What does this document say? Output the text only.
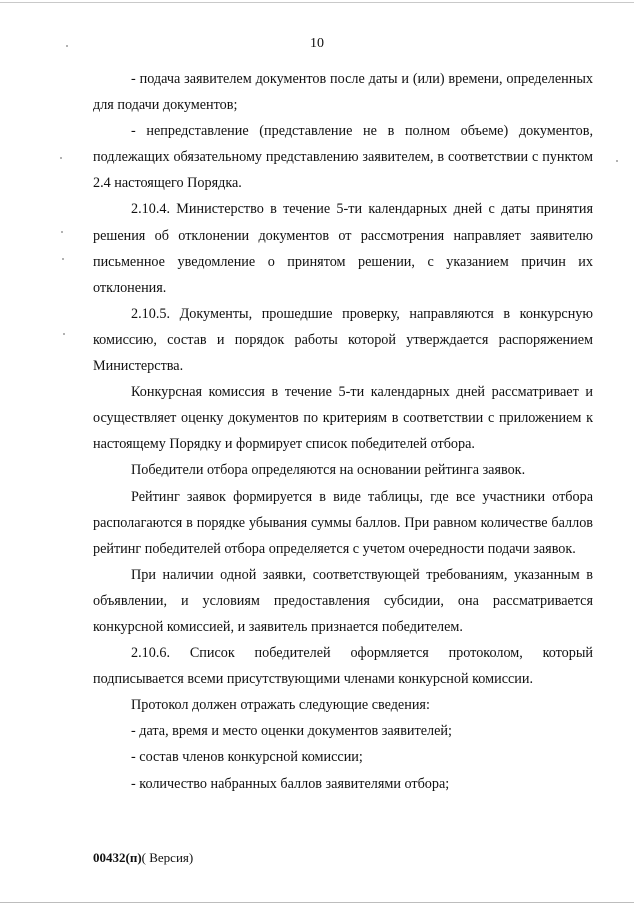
10

- подача заявителем документов после даты и (или) времени, определенных для подачи документов;

- непредставление (представление не в полном объеме) документов, подлежащих обязательному представлению заявителем, в соответствии с пунктом 2.4 настоящего Порядка.

2.10.4. Министерство в течение 5-ти календарных дней с даты принятия решения об отклонении документов от рассмотрения направляет заявителю письменное уведомление о принятом решении, с указанием причин их отклонения.

2.10.5. Документы, прошедшие проверку, направляются в конкурсную комиссию, состав и порядок работы которой утверждается распоряжением Министерства.

Конкурсная комиссия в течение 5-ти календарных дней рассматривает и осуществляет оценку документов по критериям в соответствии с приложением к настоящему Порядку и формирует список победителей отбора.

Победители отбора определяются на основании рейтинга заявок.

Рейтинг заявок формируется в виде таблицы, где все участники отбора располагаются в порядке убывания суммы баллов. При равном количестве баллов рейтинг победителей отбора определяется с учетом очередности подачи заявок.

При наличии одной заявки, соответствующей требованиям, указанным в объявлении, и условиям предоставления субсидии, она рассматривается конкурсной комиссией, и заявитель признается победителем.

2.10.6. Список победителей оформляется протоколом, который подписывается всеми присутствующими членами конкурсной комиссии.

Протокол должен отражать следующие сведения:

- дата, время и место оценки документов заявителей;

- состав членов конкурсной комиссии;

- количество набранных баллов заявителями отбора;

00432(п)( Версия)
